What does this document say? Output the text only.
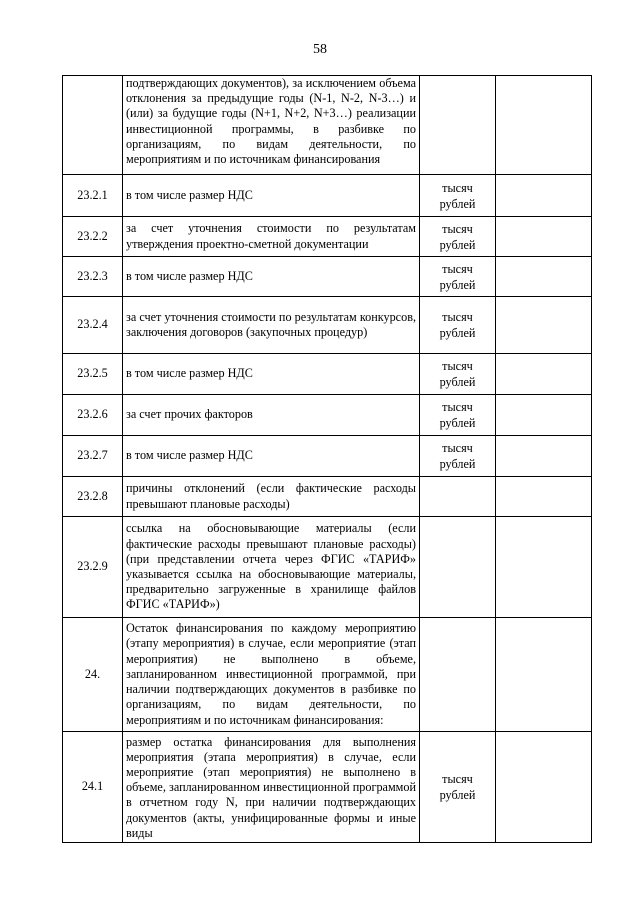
58
	подтверждающих документов), за исключением объема отклонения за предыдущие годы (N-1, N-2, N-3…) и (или) за будущие годы (N+1, N+2, N+3…) реализации инвестиционной программы, в разбивке по организациям, по видам деятельности, по мероприятиям и по источникам финансирования		
23.2.1	в том числе размер НДС	тысяч рублей	
23.2.2	за счет уточнения стоимости по результатам утверждения проектно-сметной документации	тысяч рублей	
23.2.3	в том числе размер НДС	тысяч рублей	
23.2.4	за счет уточнения стоимости по результатам конкурсов, заключения договоров (закупочных процедур)	тысяч рублей	
23.2.5	в том числе размер НДС	тысяч рублей	
23.2.6	за счет прочих факторов	тысяч рублей	
23.2.7	в том числе размер НДС	тысяч рублей	
23.2.8	причины отклонений (если фактические расходы превышают плановые расходы)		
23.2.9	ссылка на обосновывающие материалы (если фактические расходы превышают плановые расходы) (при представлении отчета через ФГИС «ТАРИФ» указывается ссылка на обосновывающие материалы, предварительно загруженные в хранилище файлов ФГИС «ТАРИФ»)		
24.	Остаток финансирования по каждому мероприятию (этапу мероприятия) в случае, если мероприятие (этап мероприятия) не выполнено в объеме, запланированном инвестиционной программой, при наличии подтверждающих документов в разбивке по организациям, по видам деятельности, по мероприятиям и по источникам финансирования:		
24.1	размер остатка финансирования для выполнения мероприятия (этапа мероприятия) в случае, если мероприятие (этап мероприятия) не выполнено в объеме, запланированном инвестиционной программой в отчетном году N, при наличии подтверждающих документов (акты, унифицированные формы и иные виды	тысяч рублей	
